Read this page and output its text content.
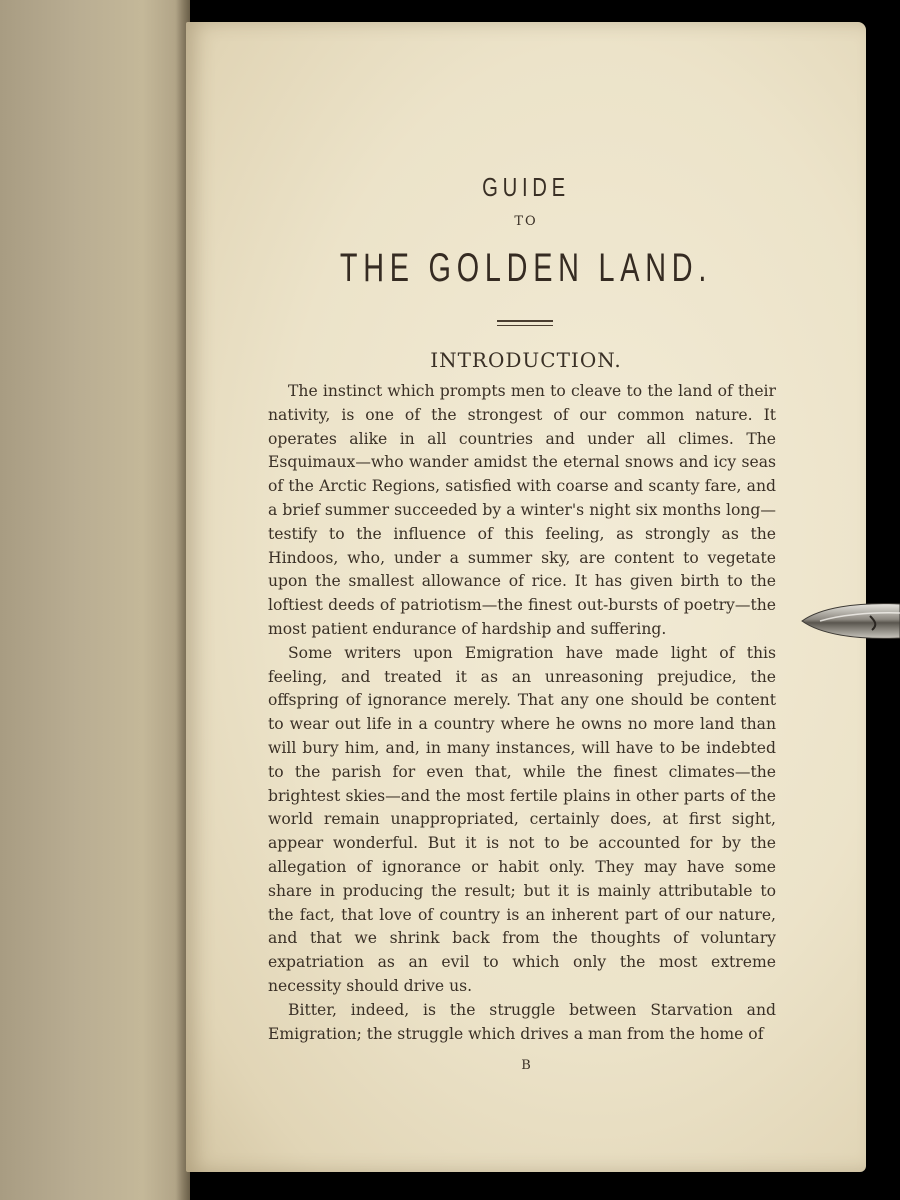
GUIDE
TO
THE GOLDEN LAND.
INTRODUCTION.

The instinct which prompts men to cleave to the land of their nativity, is one of the strongest of our common nature. It operates alike in all countries and under all climes. The Esquimaux—who wander amidst the eternal snows and icy seas of the Arctic Regions, satisfied with coarse and scanty fare, and a brief summer succeeded by a winter's night six months long—testify to the influence of this feeling, as strongly as the Hindoos, who, under a summer sky, are content to vegetate upon the smallest allowance of rice. It has given birth to the loftiest deeds of patriotism—the finest out-bursts of poetry—the most patient endurance of hardship and suffering.

Some writers upon Emigration have made light of this feeling, and treated it as an unreasoning prejudice, the offspring of ignorance merely. That any one should be content to wear out life in a country where he owns no more land than will bury him, and, in many instances, will have to be indebted to the parish for even that, while the finest climates—the brightest skies—and the most fertile plains in other parts of the world remain unappropriated, certainly does, at first sight, appear wonderful. But it is not to be accounted for by the allegation of ignorance or habit only. They may have some share in producing the result; but it is mainly attributable to the fact, that love of country is an inherent part of our nature, and that we shrink back from the thoughts of voluntary expatriation as an evil to which only the most extreme necessity should drive us.

Bitter, indeed, is the struggle between Starvation and Emigration; the struggle which drives a man from the home of

B
